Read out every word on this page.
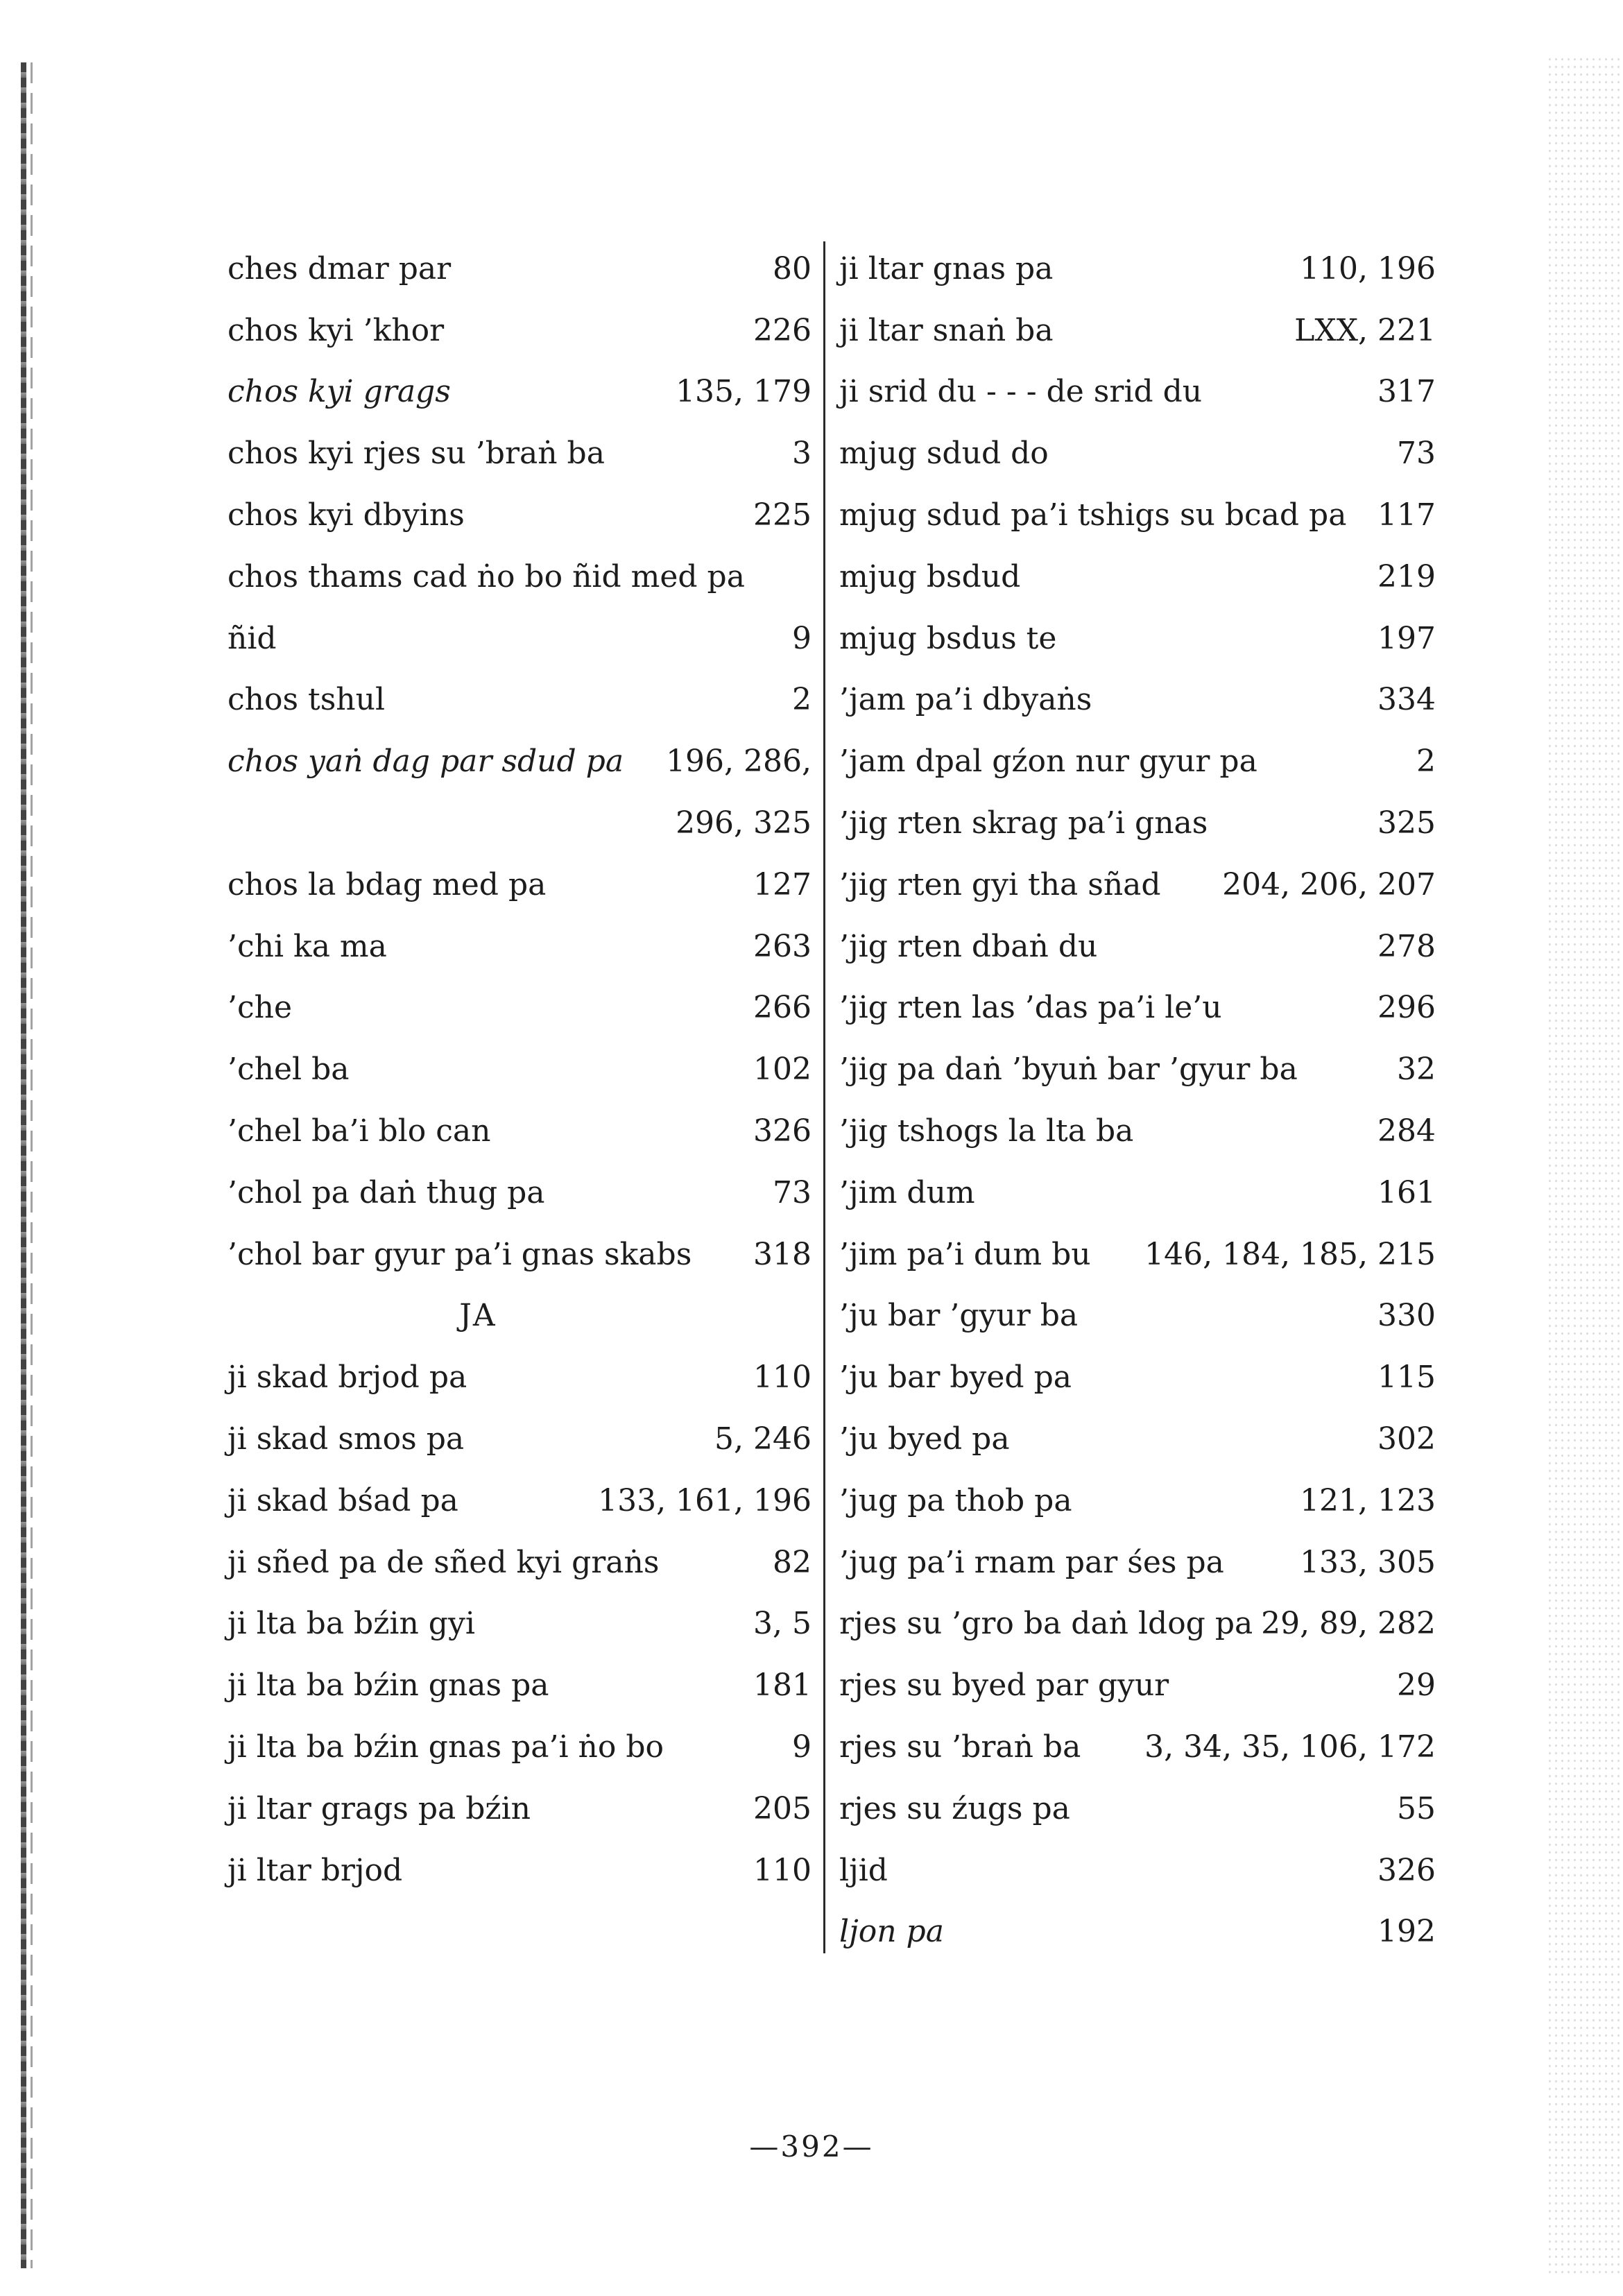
ches dmar par	80
chos kyi ’khor	226
chos kyi grags	135, 179
chos kyi rjes su ’braṅ ba	3
chos kyi dbyins	225
chos thams cad ṅo bo ñid med pa
ñid	9
chos tshul	2
chos yaṅ dag par sdud pa 196, 286,
296, 325
chos la bdag med pa	127
’chi ka ma	263
’che	266
’chel ba	102
’chel ba’i blo can	326
’chol pa daṅ thug pa	73
’chol bar gyur pa’i gnas skabs 318
JA
ji skad brjod pa	110
ji skad smos pa	5, 246
ji skad bśad pa	133, 161, 196
ji sñed pa de sñed kyi graṅs	82
ji lta ba bźin gyi	3, 5
ji lta ba bźin gnas pa	181
ji lta ba bźin gnas pa’i ṅo bo	9
ji ltar grags pa bźin	205
ji ltar brjod	110
ji ltar gnas pa	110, 196
ji ltar snaṅ ba	LXX, 221
ji srid du - - - de srid du	317
mjug sdud do	73
mjug sdud pa’i tshigs su bcad pa 117
mjug bsdud	219
mjug bsdus te	197
’jam pa’i dbyaṅs	334
’jam dpal gźon nur gyur pa	2
’jig rten skrag pa’i gnas	325
’jig rten gyi tha sñad 204, 206, 207
’jig rten dbaṅ du	278
’jig rten las ’das pa’i le’u	296
’jig pa daṅ ’byuṅ bar ’gyur ba	32
’jig tshogs la lta ba	284
’jim dum	161
’jim pa’i dum bu 146, 184, 185, 215
’ju bar ’gyur ba	330
’ju bar byed pa	115
’ju byed pa	302
’jug pa thob pa	121, 123
’jug pa’i rnam par śes pa 133, 305
rjes su ’gro ba daṅ ldog pa 29, 89, 282
rjes su byed par gyur	29
rjes su ’braṅ ba 3, 34, 35, 106, 172
rjes su źugs pa	55
ljid	326
ljon pa	192
—392—
